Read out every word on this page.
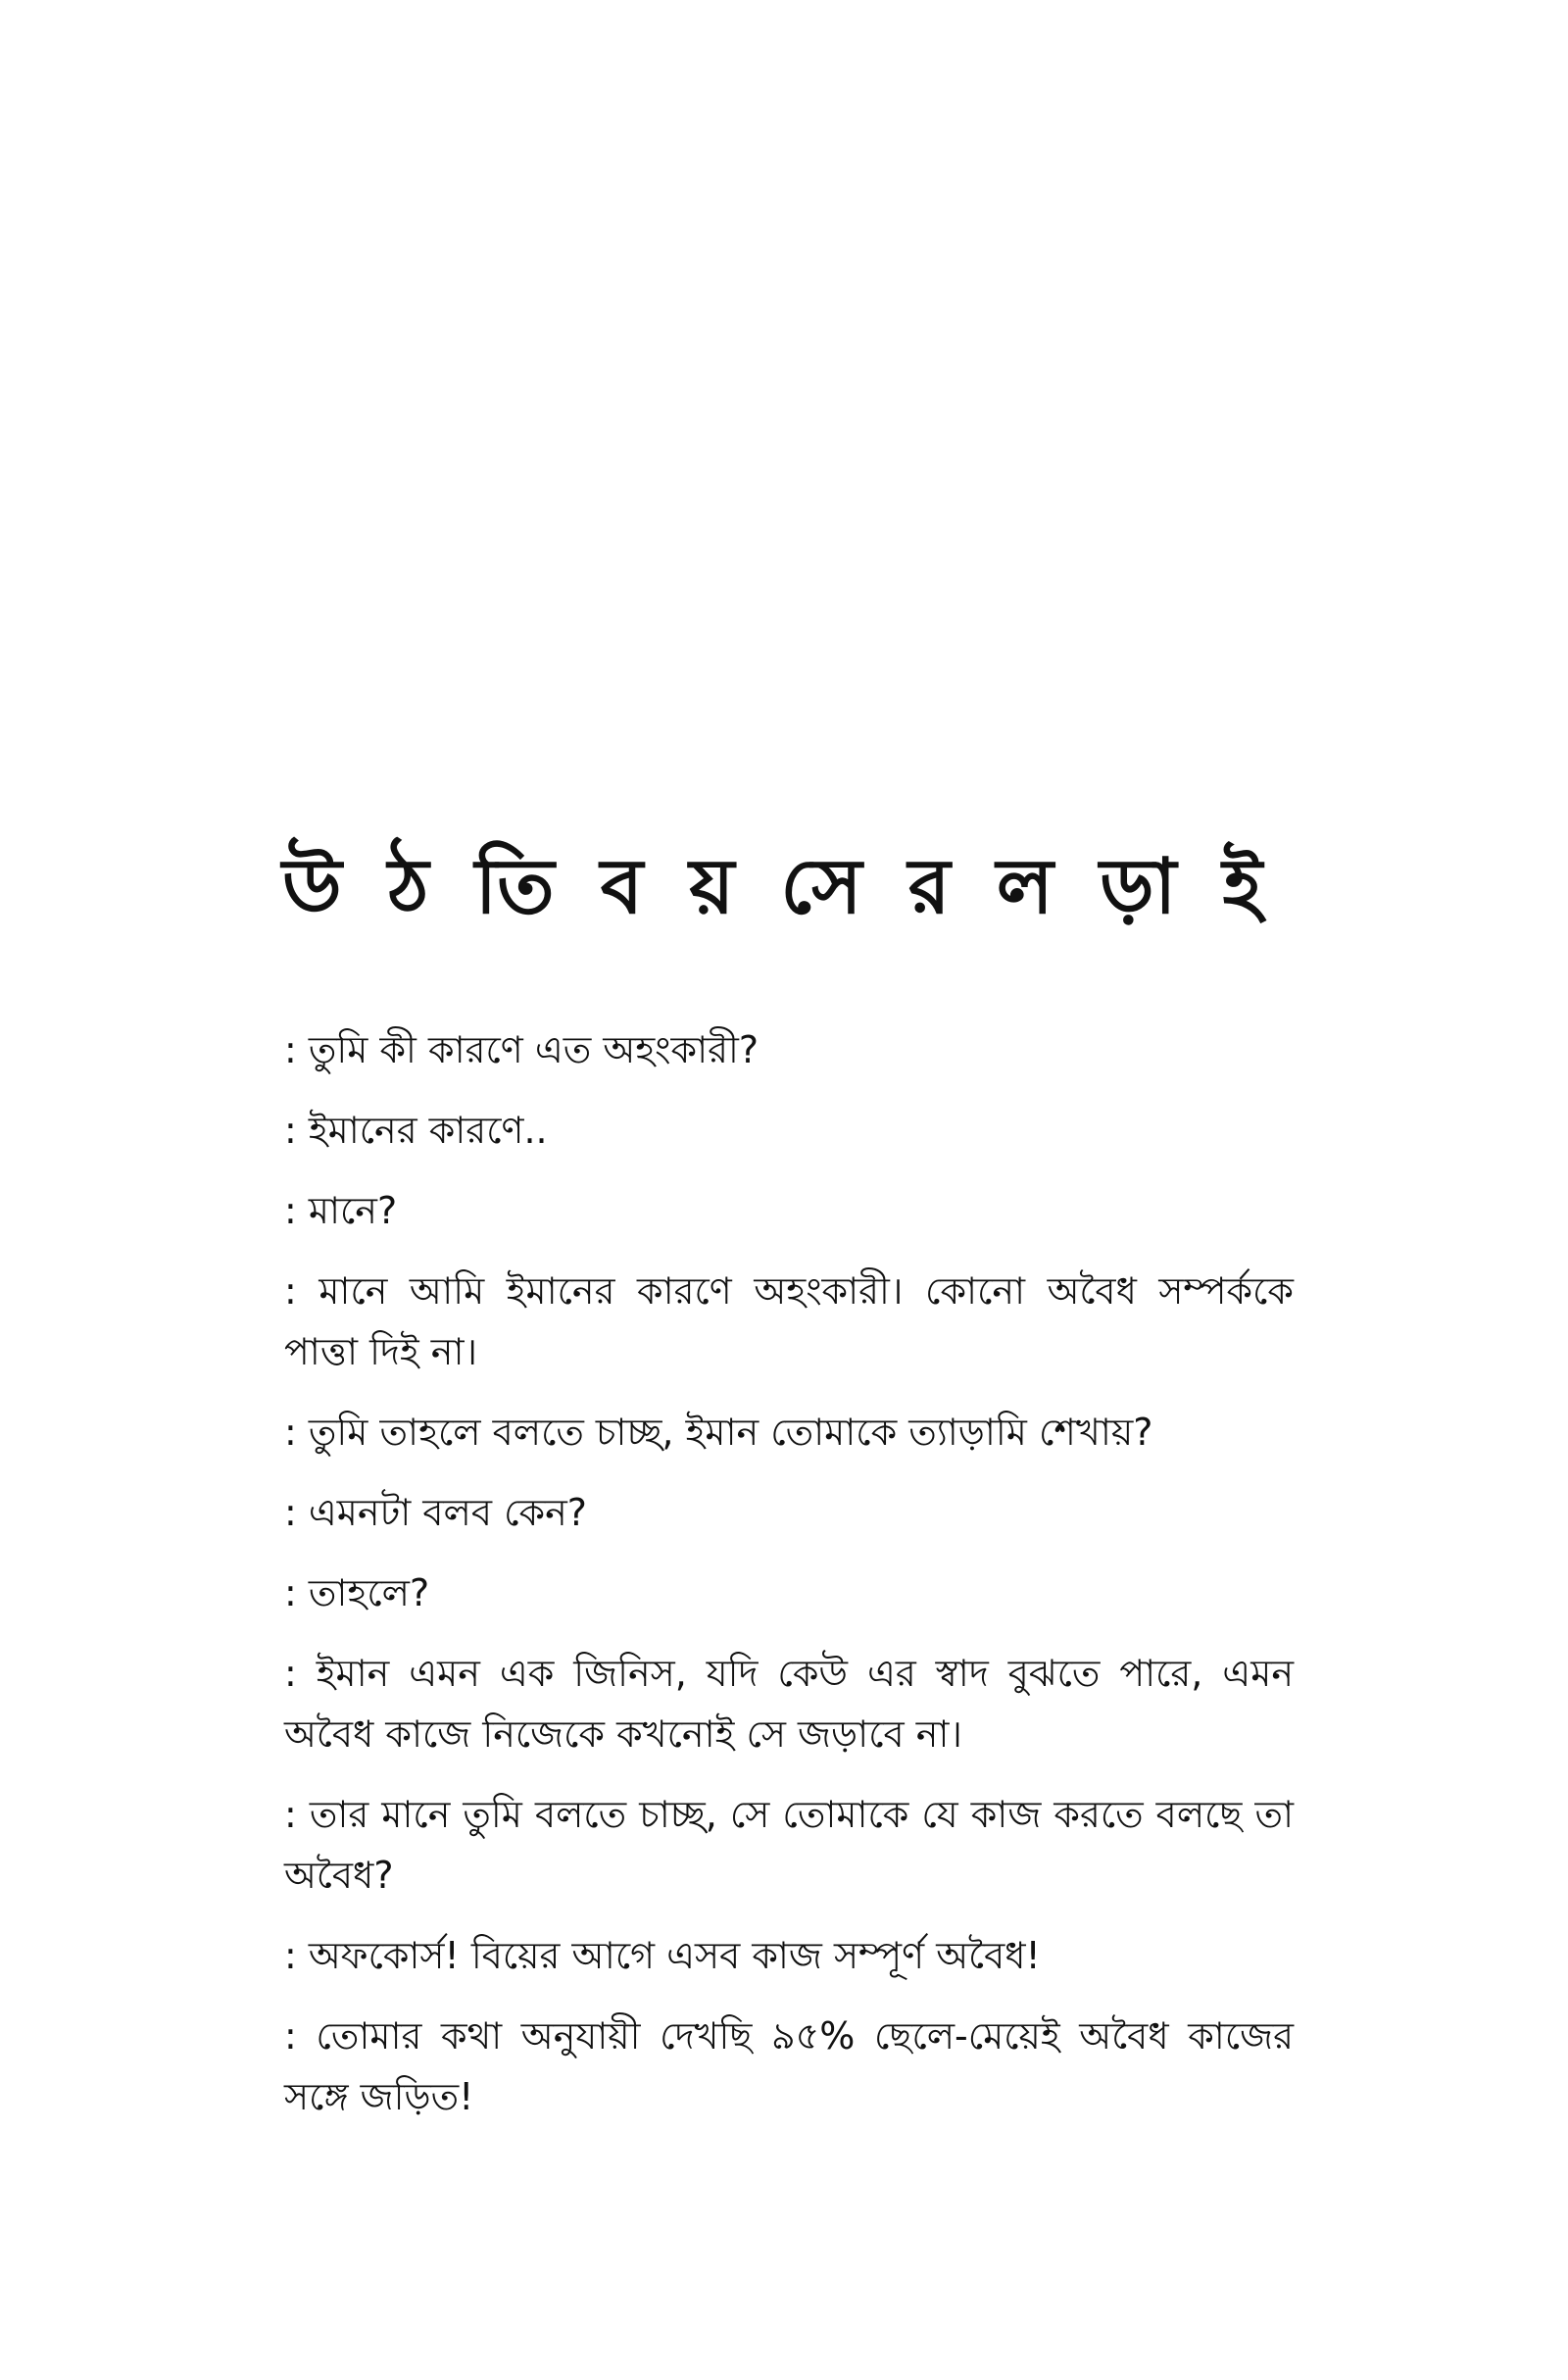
উ ঠ তি ব য় সে র ল ড়া ই

: তুমি কী কারণে এত অহংকারী?

: ইমানের কারণে..

: মানে?

: মানে আমি ইমানের কারণে অহংকারী। কোনো অবৈধ সম্পর্ককে পাত্তা দিই না।

: তুমি তাহলে বলতে চাচ্ছ, ইমান তোমাকে ত্যাড়ামি শেখায়?

: এমনটা বলব কেন?

: তাহলে?

: ইমান এমন এক জিনিস, যদি কেউ এর স্বাদ বুঝতে পারে, এমন অবৈধ কাজে নিজেকে কখনোই সে জড়াবে না।

: তার মানে তুমি বলতে চাচ্ছ, সে তোমাকে যে কাজ করতে বলছে তা অবৈধ?

: অফকোর্স! বিয়ের আগে এসব কাজ সম্পূর্ণ অবৈধ!

: তোমার কথা অনুযায়ী দেখছি ৯৫% ছেলে-মেয়েই অবৈধ কাজের সঙ্গে জড়িত!
